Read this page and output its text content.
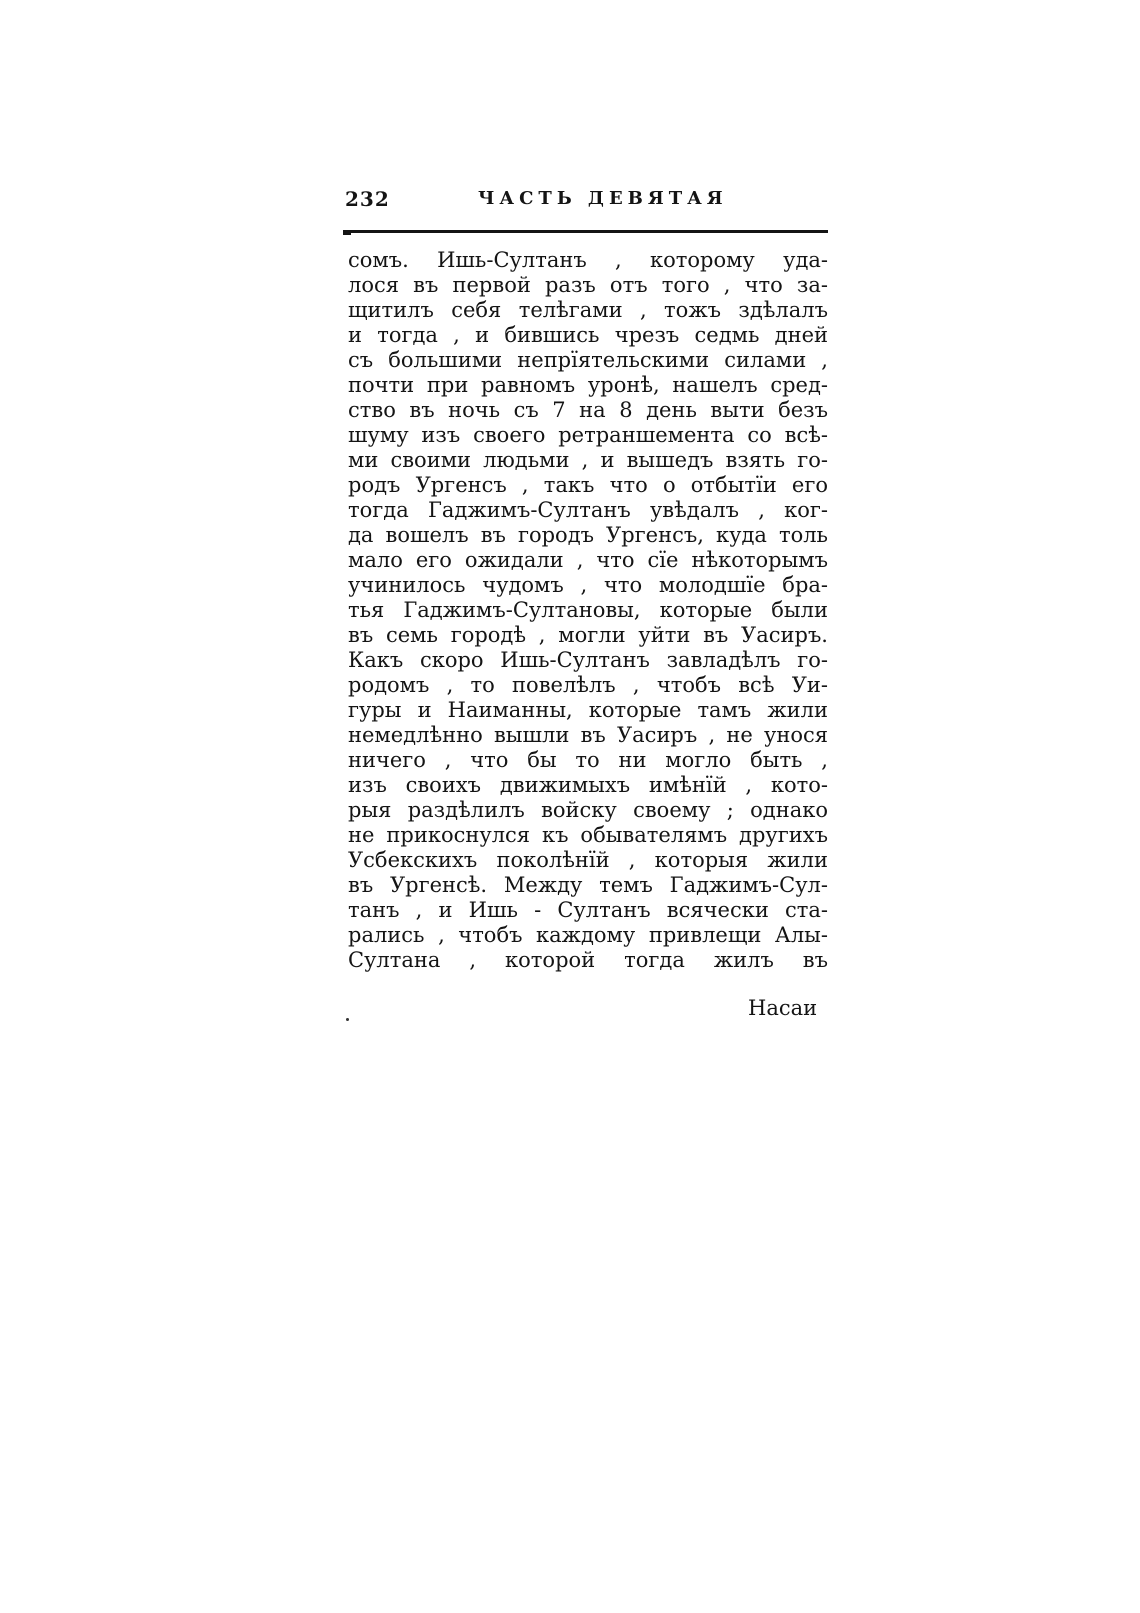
232	ЧАСТЬ ДЕВЯТАЯ
сомъ. Ишь-Султанъ , которому уда-
лося въ первой разъ отъ того , что за-
щитилъ себя телѣгами , тожъ здѣлалъ
и тогда , и бившись чрезъ седмь дней
съ большими непрїятельскими силами ,
почти при равномъ уронѣ, нашелъ сред-
ство въ ночь съ 7 на 8 день выти безъ
шуму изъ своего ретраншемента со всѣ-
ми своими людьми , и вышедъ взять го-
родъ Ургенсъ , такъ что о отбытїи его
тогда Гаджимъ-Султанъ увѣдалъ , ког-
да вошелъ въ городъ Ургенсъ, куда толь
мало его ожидали , что сїе нѣкоторымъ
учинилось чудомъ , что молодшїе бра-
тья Гаджимъ-Султановы, которые были
въ семь городѣ , могли уйти въ Уасиръ.
Какъ скоро Ишь-Султанъ завладѣлъ го-
родомъ , то повелѣлъ , чтобъ всѣ Уи-
гуры и Наиманны, которые тамъ жили
немедлѣнно вышли въ Уасиръ , не унося
ничего , что бы то ни могло быть ,
изъ своихъ движимыхъ имѣнїй , кото-
рыя раздѣлилъ войску своему ; однако
не прикоснулся къ обывателямъ другихъ
Усбекскихъ поколѣнїй , которыя жили
въ Ургенсѣ. Между темъ Гаджимъ-Сул-
танъ , и Ишь - Султанъ всячески ста-
рались , чтобъ каждому привлещи Алы-
Султана , которой тогда жилъ въ
Насаи
